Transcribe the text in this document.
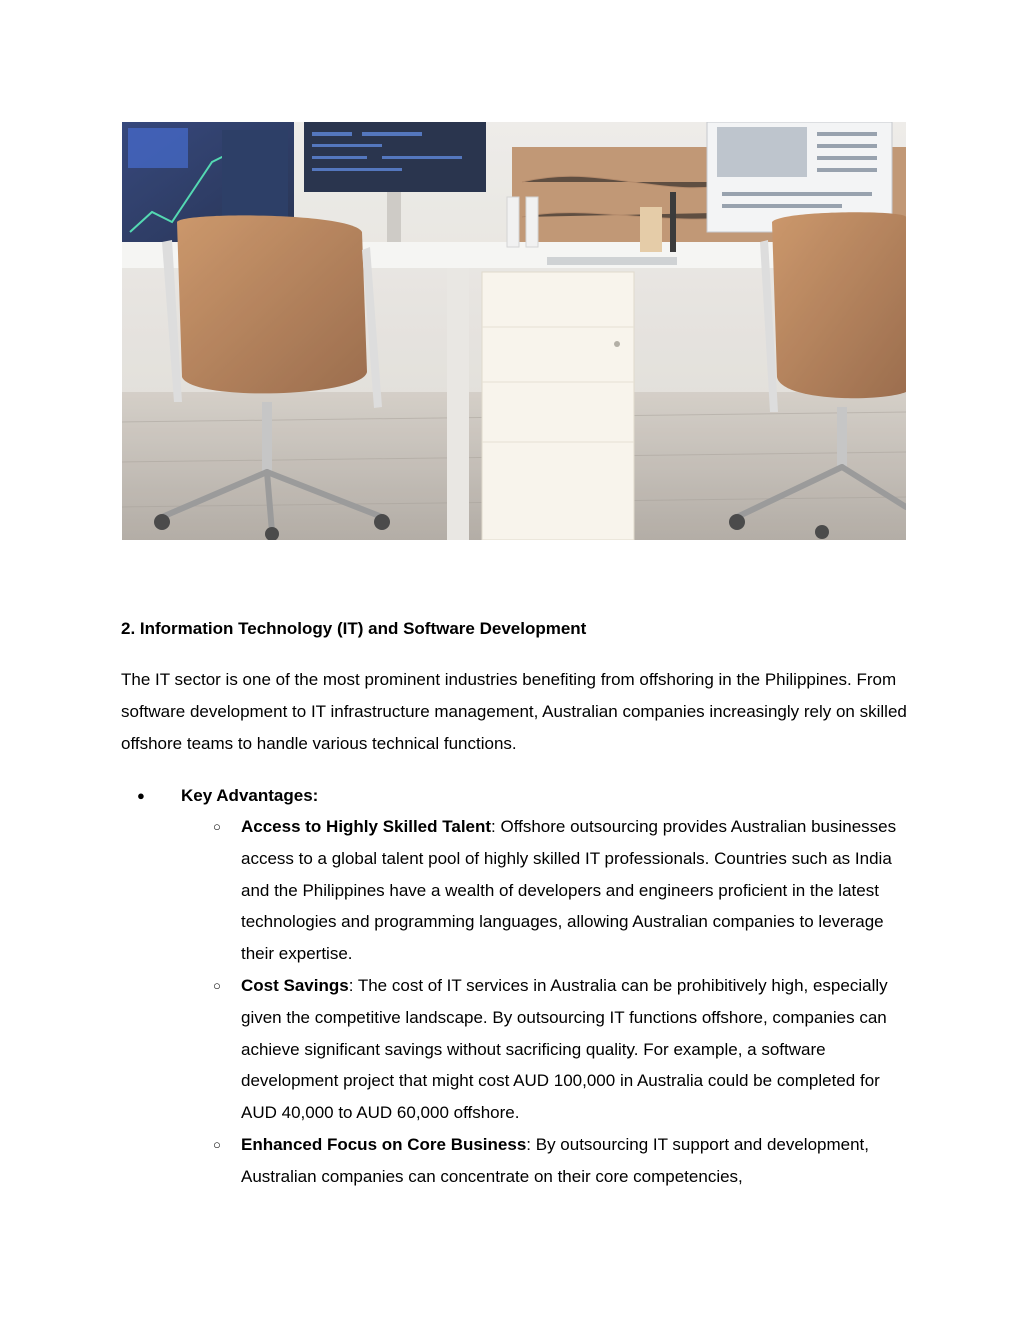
2. Information Technology (IT) and Software Development

The IT sector is one of the most prominent industries benefiting from offshoring in the Philippines. From software development to IT infrastructure management, Australian companies increasingly rely on skilled offshore teams to handle various technical functions.

● Key Advantages:
○ Access to Highly Skilled Talent: Offshore outsourcing provides Australian businesses access to a global talent pool of highly skilled IT professionals. Countries such as India and the Philippines have a wealth of developers and engineers proficient in the latest technologies and programming languages, allowing Australian companies to leverage their expertise.
○ Cost Savings: The cost of IT services in Australia can be prohibitively high, especially given the competitive landscape. By outsourcing IT functions offshore, companies can achieve significant savings without sacrificing quality. For example, a software development project that might cost AUD 100,000 in Australia could be completed for AUD 40,000 to AUD 60,000 offshore.
○ Enhanced Focus on Core Business: By outsourcing IT support and development, Australian companies can concentrate on their core competencies,
